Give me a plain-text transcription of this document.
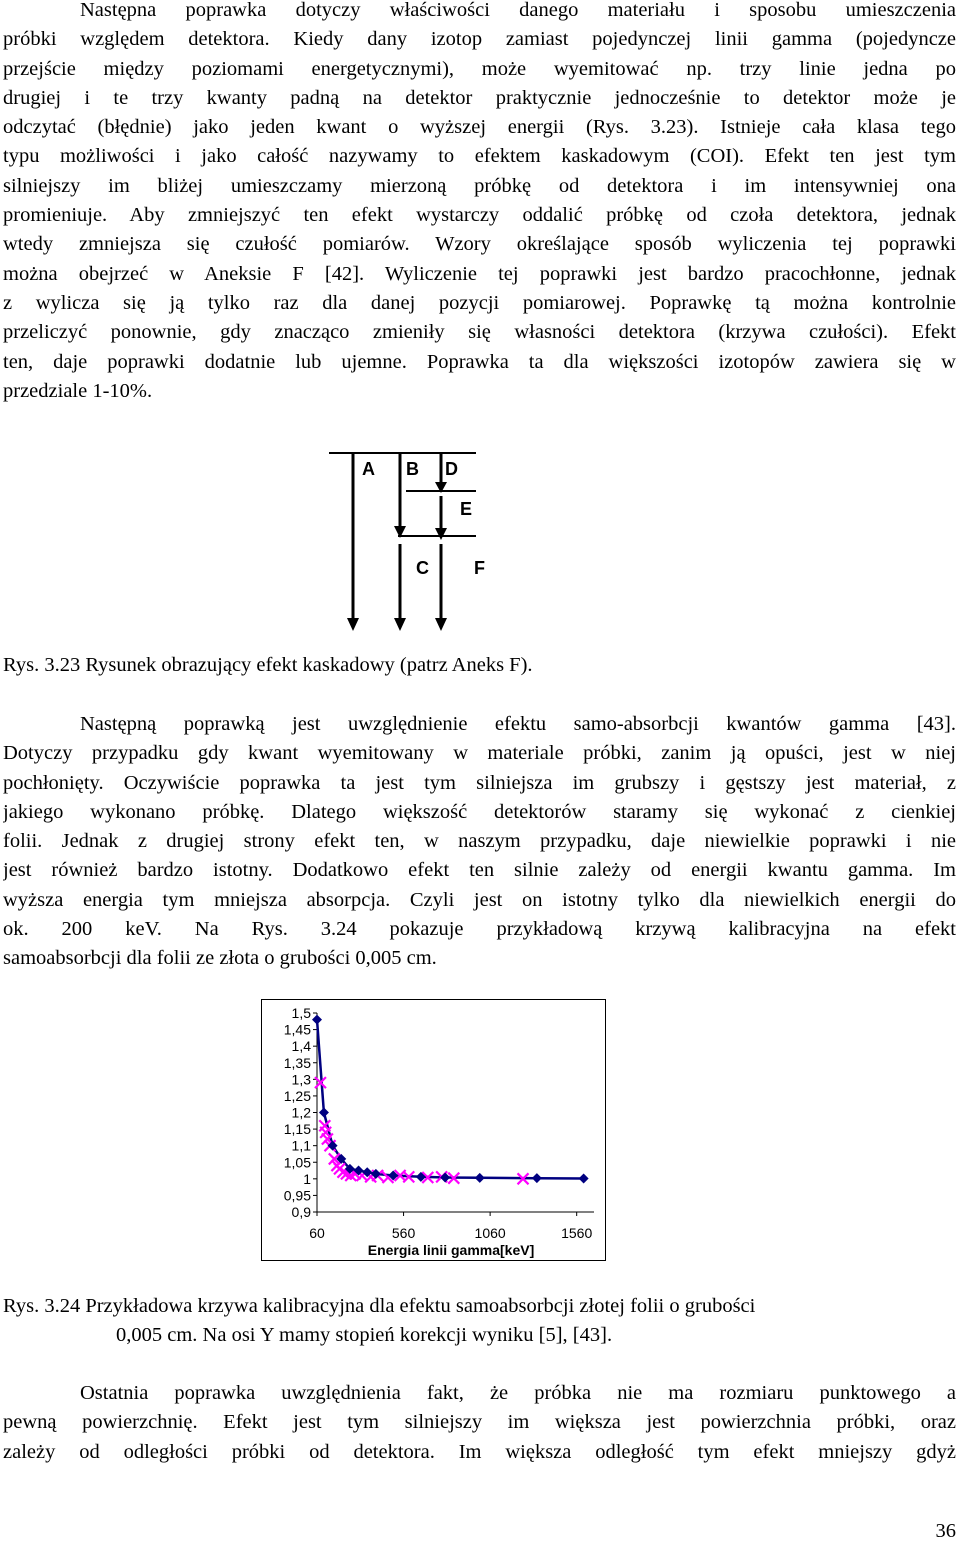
Następna poprawka dotyczy właściwości danego materiału i sposobu umieszczenia
próbki względem detektora. Kiedy dany izotop zamiast pojedynczej linii gamma (pojedyncze
przejście między poziomami energetycznymi), może wyemitować np. trzy linie jedna po
drugiej i te trzy kwanty padną na detektor praktycznie jednocześnie to detektor może je
odczytać (błędnie) jako jeden kwant o wyższej energii (Rys. 3.23). Istnieje cała klasa tego
typu możliwości i jako całość nazywamy to efektem kaskadowym (COI). Efekt ten jest tym
silniejszy im bliżej umieszczamy mierzoną próbkę od detektora i im intensywniej ona
promieniuje. Aby zmniejszyć ten efekt wystarczy oddalić próbkę od czoła detektora, jednak
wtedy zmniejsza się czułość pomiarów. Wzory określające sposób wyliczenia tej poprawki
można obejrzeć w Aneksie F [42]. Wyliczenie tej poprawki jest bardzo pracochłonne, jednak
z wylicza się ją tylko raz dla danej pozycji pomiarowej. Poprawkę tą można kontrolnie
przeliczyć ponownie, gdy znacząco zmieniły się własności detektora (krzywa czułości). Efekt
ten, daje poprawki dodatnie lub ujemne. Poprawka ta dla większości izotopów zawiera się w
przedziale 1-10%.
A B D
E
C	F
Rys. 3.23 Rysunek obrazujący efekt kaskadowy (patrz Aneks F).
Następną poprawką jest uwzględnienie efektu samo-absorbcji kwantów gamma [43].
Dotyczy przypadku gdy kwant wyemitowany w materiale próbki, zanim ją opuści, jest w niej
pochłonięty. Oczywiście poprawka ta jest tym silniejsza im grubszy i gęstszy jest materiał, z
jakiego wykonano próbkę. Dlatego większość detektorów staramy się wykonać z cienkiej
folii. Jednak z drugiej strony efekt ten, w naszym przypadku, daje niewielkie poprawki i nie
jest również bardzo istotny. Dodatkowo efekt ten silnie zależy od energii kwantu gamma. Im
wyższa energia tym mniejsza absorpcja. Czyli jest on istotny tylko dla niewielkich energii do
ok. 200 keV. Na Rys. 3.24 pokazuje przykładową krzywą kalibracyjna na efekt
samoabsorbcji dla folii ze złota o grubości 0,005 cm.
1,5
1,45
1,4
1,35
1,3
1,25
1,2
1,15
1,1
1,05
1
0,95
0,9
60	560	1060	1560
Energia linii gamma[keV]
Rys. 3.24 Przykładowa krzywa kalibracyjna dla efektu samoabsorbcji złotej folii o grubości
0,005 cm. Na osi Y mamy stopień korekcji wyniku [5], [43].
Ostatnia poprawka uwzględnienia fakt, że próbka nie ma rozmiaru punktowego a
pewną powierzchnię. Efekt jest tym silniejszy im większa jest powierzchnia próbki, oraz
zależy od odległości próbki od detektora. Im większa odległość tym efekt mniejszy gdyż
36
